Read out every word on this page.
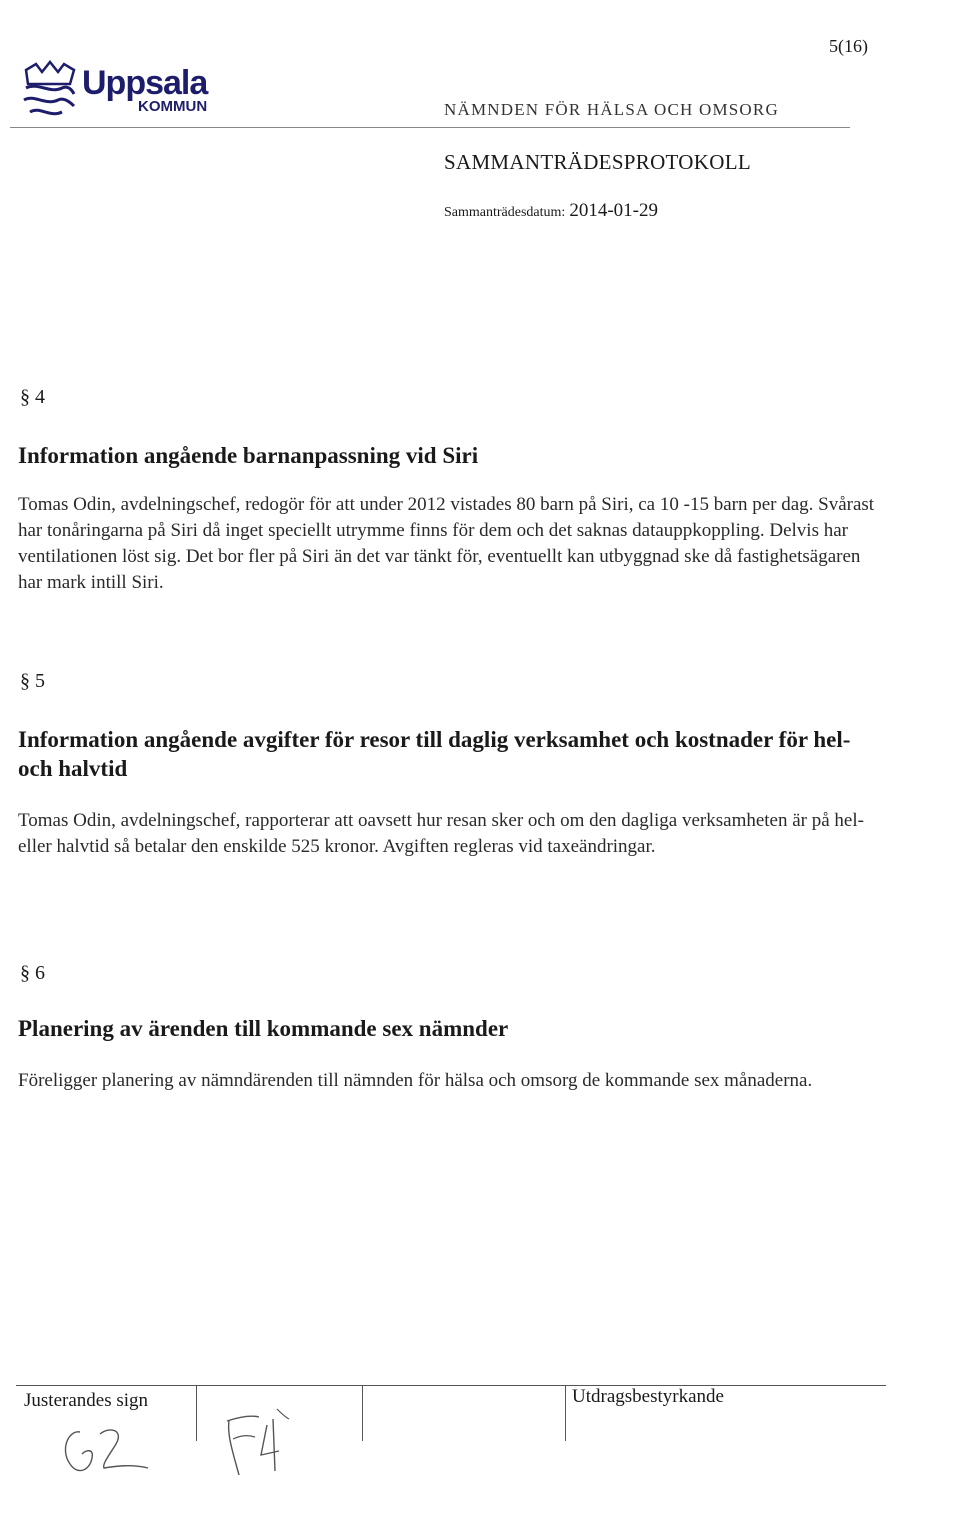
5(16)
Uppsala
KOMMUN	NÄMNDEN FÖR HÄLSA OCH OMSORG
SAMMANTRÄDESPROTOKOLL
Sammanträdesdatum: 2014-01-29
§ 4
Information angående barnanpassning vid Siri

Tomas Odin, avdelningschef, redogör för att under 2012 vistades 80 barn på Siri, ca 10 -15 barn per dag. Svårast har tonåringarna på Siri då inget speciellt utrymme finns för dem och det saknas datauppkoppling. Delvis har ventilationen löst sig. Det bor fler på Siri än det var tänkt för, eventuellt kan utbyggnad ske då fastighetsägaren har mark intill Siri.

§ 5
Information angående avgifter för resor till daglig verksamhet och kostnader för hel- och halvtid

Tomas Odin, avdelningschef, rapporterar att oavsett hur resan sker och om den dagliga verksamheten är på hel- eller halvtid så betalar den enskilde 525 kronor. Avgiften regleras vid taxeändringar.

§ 6
Planering av ärenden till kommande sex nämnder

Föreligger planering av nämndärenden till nämnden för hälsa och omsorg de kommande sex månaderna.

Justerandes sign	Utdragsbestyrkande
